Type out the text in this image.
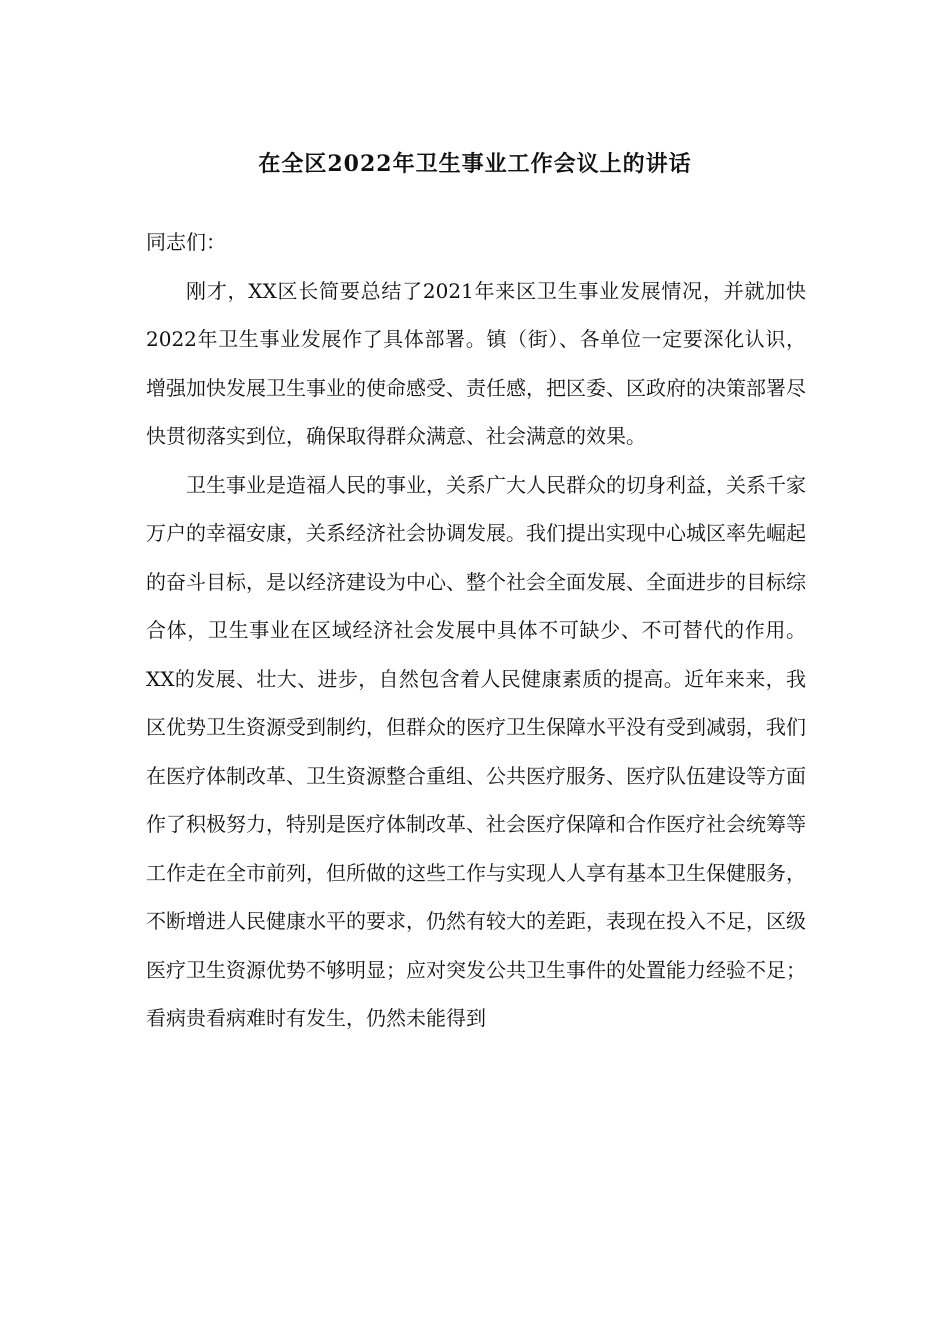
在全区2022年卫生事业工作会议上的讲话

同志们：

刚才，XX区长简要总结了2021年来区卫生事业发展情况，并就加快2022年卫生事业发展作了具体部署。镇（街）、各单位一定要深化认识，增强加快发展卫生事业的使命感受、责任感，把区委、区政府的决策部署尽快贯彻落实到位，确保取得群众满意、社会满意的效果。

卫生事业是造福人民的事业，关系广大人民群众的切身利益，关系千家万户的幸福安康，关系经济社会协调发展。我们提出实现中心城区率先崛起的奋斗目标，是以经济建设为中心、整个社会全面发展、全面进步的目标综合体，卫生事业在区域经济社会发展中具体不可缺少、不可替代的作用。XX的发展、壮大、进步，自然包含着人民健康素质的提高。近年来来，我区优势卫生资源受到制约，但群众的医疗卫生保障水平没有受到减弱，我们在医疗体制改革、卫生资源整合重组、公共医疗服务、医疗队伍建设等方面作了积极努力，特别是医疗体制改革、社会医疗保障和合作医疗社会统筹等工作走在全市前列，但所做的这些工作与实现人人享有基本卫生保健服务，不断增进人民健康水平的要求，仍然有较大的差距，表现在投入不足，区级医疗卫生资源优势不够明显；应对突发公共卫生事件的处置能力经验不足；看病贵看病难时有发生，仍然未能得到
